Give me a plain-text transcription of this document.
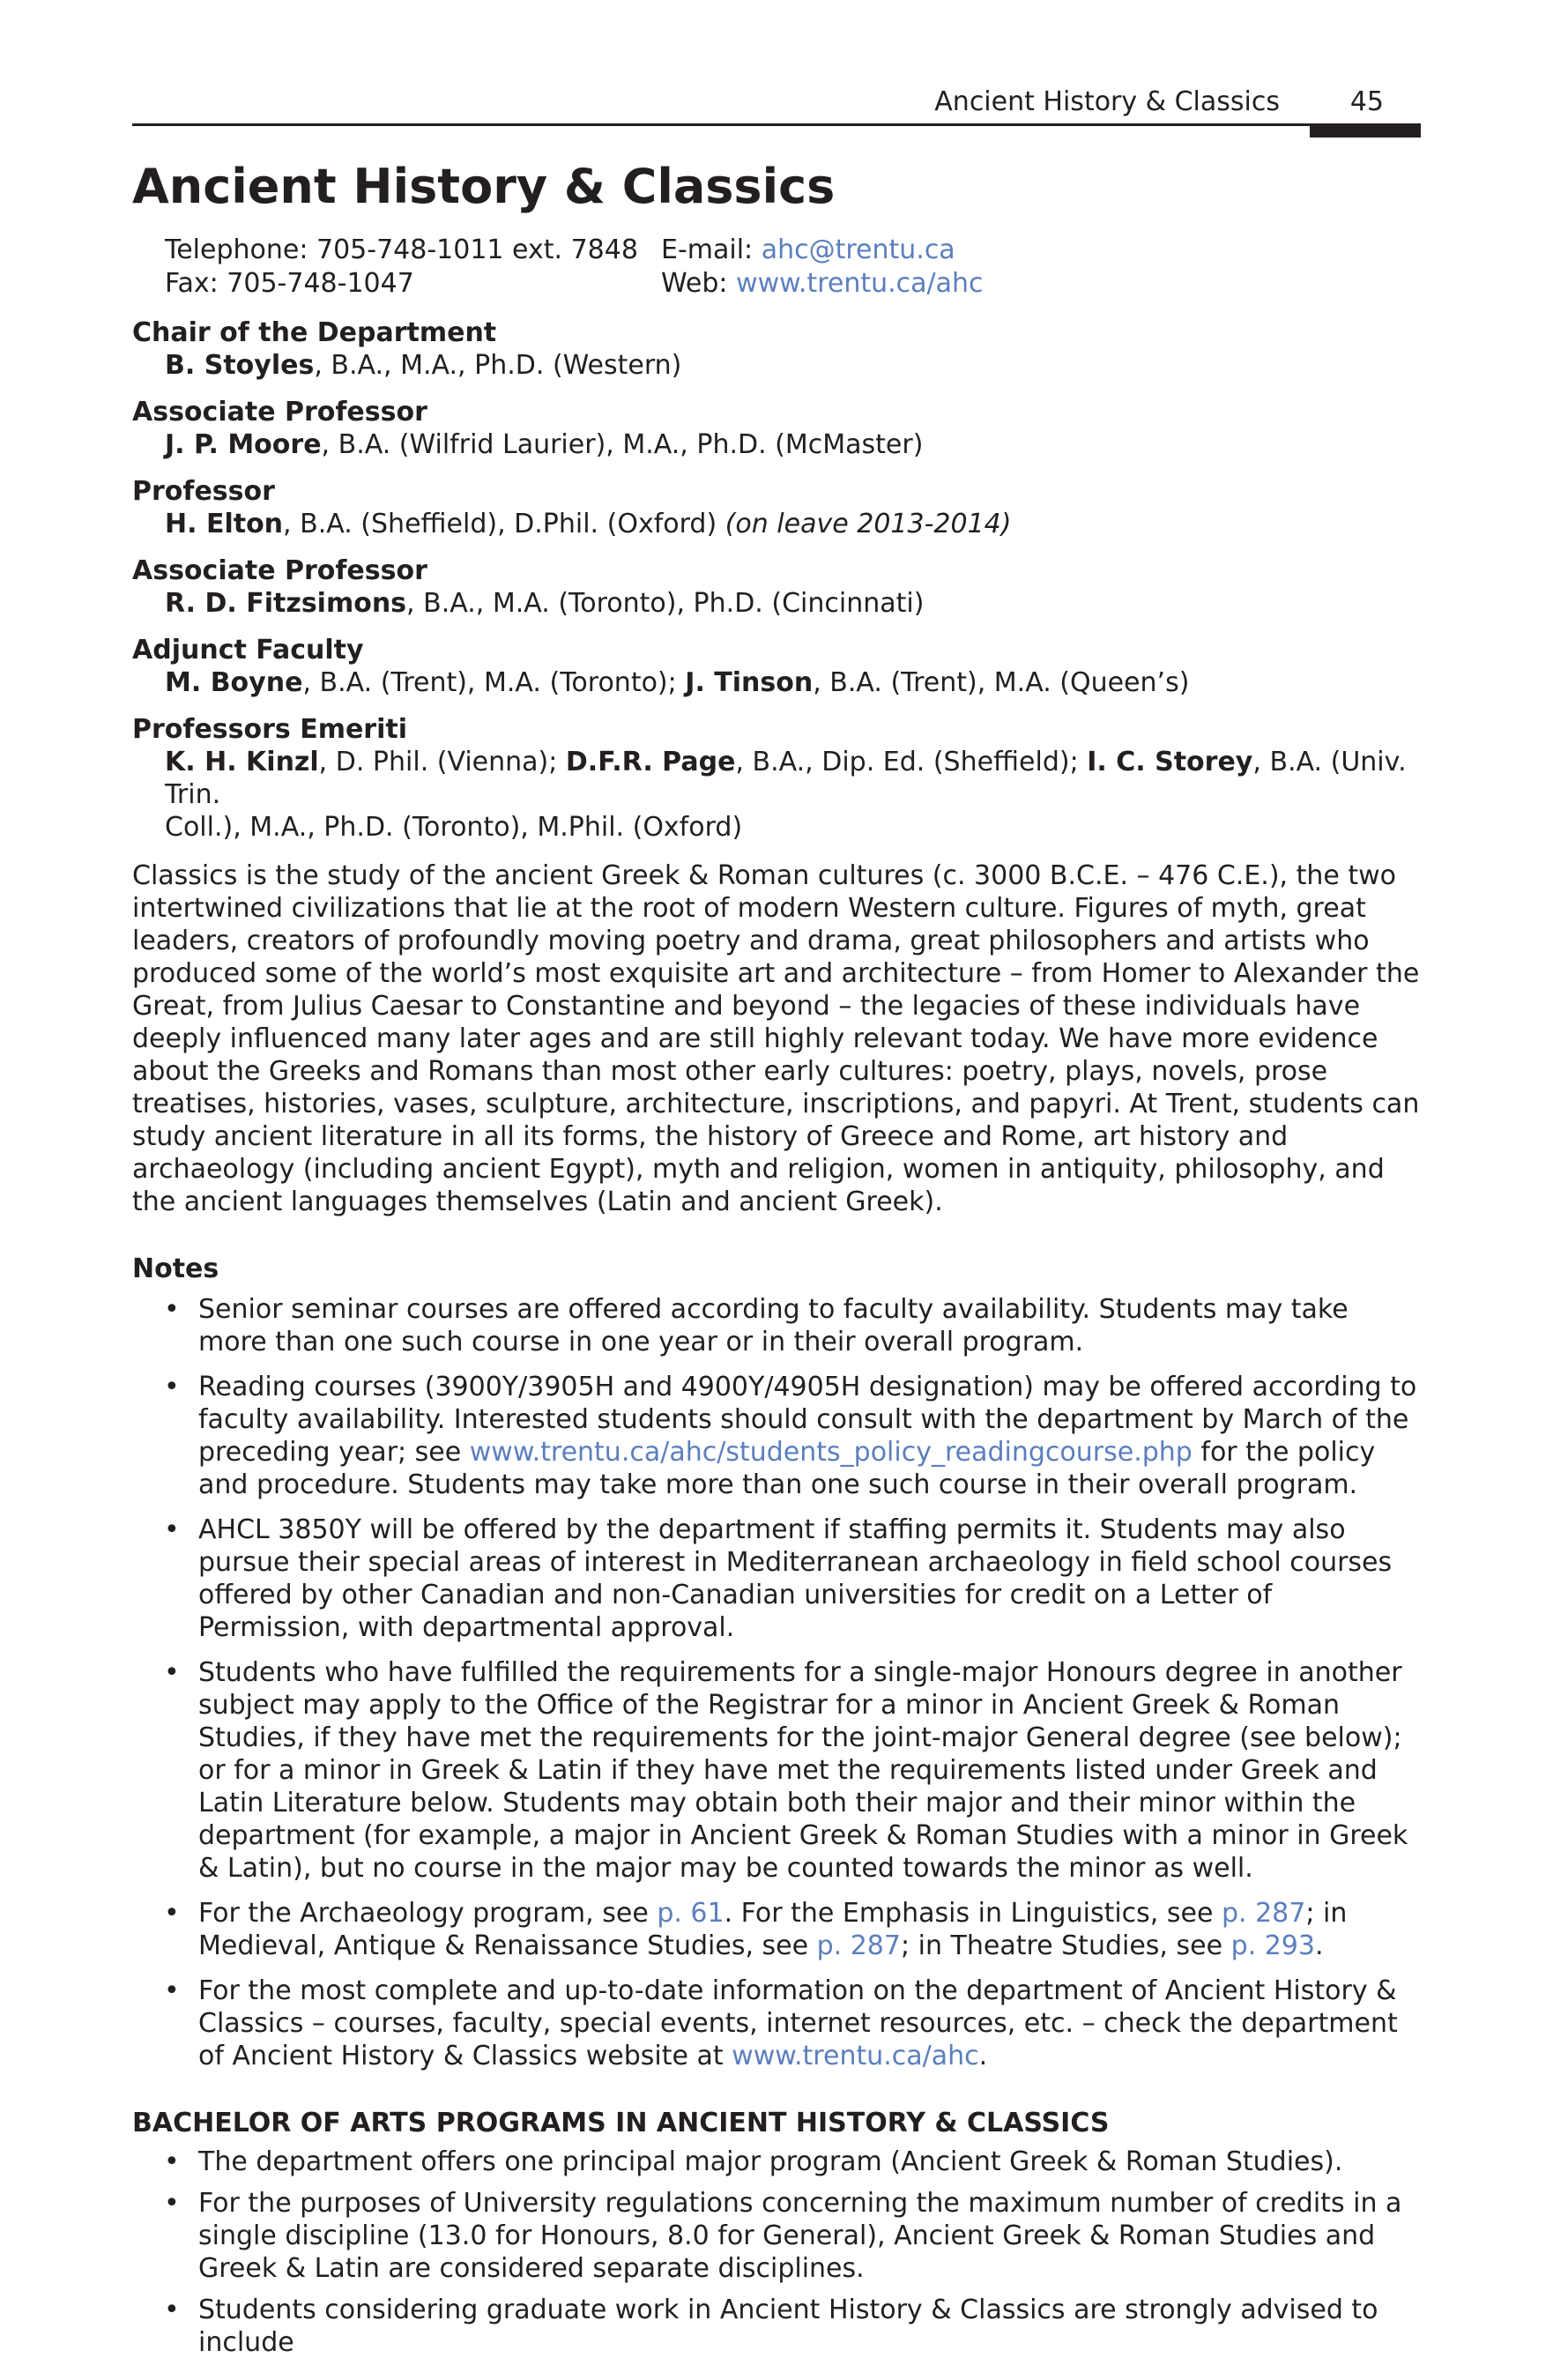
Ancient History & Classics	45
Ancient History & Classics
Telephone: 705-748-1011 ext. 7848
Fax: 705-748-1047
E-mail: ahc@trentu.ca
Web: www.trentu.ca/ahc
Chair of the Department
B. Stoyles, B.A., M.A., Ph.D. (Western)
Associate Professor
J. P. Moore, B.A. (Wilfrid Laurier), M.A., Ph.D. (McMaster)
Professor
H. Elton, B.A. (Sheffield), D.Phil. (Oxford) (on leave 2013-2014)
Associate Professor
R. D. Fitzsimons, B.A., M.A. (Toronto), Ph.D. (Cincinnati)
Adjunct Faculty
M. Boyne, B.A. (Trent), M.A. (Toronto); J. Tinson, B.A. (Trent), M.A. (Queen’s)
Professors Emeriti
K. H. Kinzl, D. Phil. (Vienna); D.F.R. Page, B.A., Dip. Ed. (Sheffield); I. C. Storey, B.A. (Univ. Trin.
Coll.), M.A., Ph.D. (Toronto), M.Phil. (Oxford)

Classics is the study of the ancient Greek & Roman cultures (c. 3000 B.C.E. – 476 C.E.), the two intertwined civilizations that lie at the root of modern Western culture. Figures of myth, great leaders, creators of profoundly moving poetry and drama, great philosophers and artists who produced some of the world’s most exquisite art and architecture – from Homer to Alexander the Great, from Julius Caesar to Constantine and beyond – the legacies of these individuals have deeply influenced many later ages and are still highly relevant today. We have more evidence about the Greeks and Romans than most other early cultures: poetry, plays, novels, prose treatises, histories, vases, sculpture, architecture, inscriptions, and papyri. At Trent, students can study ancient literature in all its forms, the history of Greece and Rome, art history and archaeology (including ancient Egypt), myth and religion, women in antiquity, philosophy, and the ancient languages themselves (Latin and ancient Greek).

Notes
• Senior seminar courses are offered according to faculty availability. Students may take more than one such course in one year or in their overall program.
• Reading courses (3900Y/3905H and 4900Y/4905H designation) may be offered according to faculty availability. Interested students should consult with the department by March of the preceding year; see www.trentu.ca/ahc/students_policy_readingcourse.php for the policy and procedure. Students may take more than one such course in their overall program.
• AHCL 3850Y will be offered by the department if staffing permits it. Students may also pursue their special areas of interest in Mediterranean archaeology in field school courses offered by other Canadian and non-Canadian universities for credit on a Letter of Permission, with departmental approval.
• Students who have fulfilled the requirements for a single-major Honours degree in another subject may apply to the Office of the Registrar for a minor in Ancient Greek & Roman Studies, if they have met the requirements for the joint-major General degree (see below); or for a minor in Greek & Latin if they have met the requirements listed under Greek and Latin Literature below. Students may obtain both their major and their minor within the department (for example, a major in Ancient Greek & Roman Studies with a minor in Greek & Latin), but no course in the major may be counted towards the minor as well.
• For the Archaeology program, see p. 61. For the Emphasis in Linguistics, see p. 287; in Medieval, Antique & Renaissance Studies, see p. 287; in Theatre Studies, see p. 293.
• For the most complete and up-to-date information on the department of Ancient History & Classics – courses, faculty, special events, internet resources, etc. – check the department of Ancient History & Classics website at www.trentu.ca/ahc.
BACHELOR OF ARTS PROGRAMS IN ANCIENT HISTORY & CLASSICS
• The department offers one principal major program (Ancient Greek & Roman Studies).
• For the purposes of University regulations concerning the maximum number of credits in a single discipline (13.0 for Honours, 8.0 for General), Ancient Greek & Roman Studies and Greek & Latin are considered separate disciplines.
• Students considering graduate work in Ancient History & Classics are strongly advised to include
